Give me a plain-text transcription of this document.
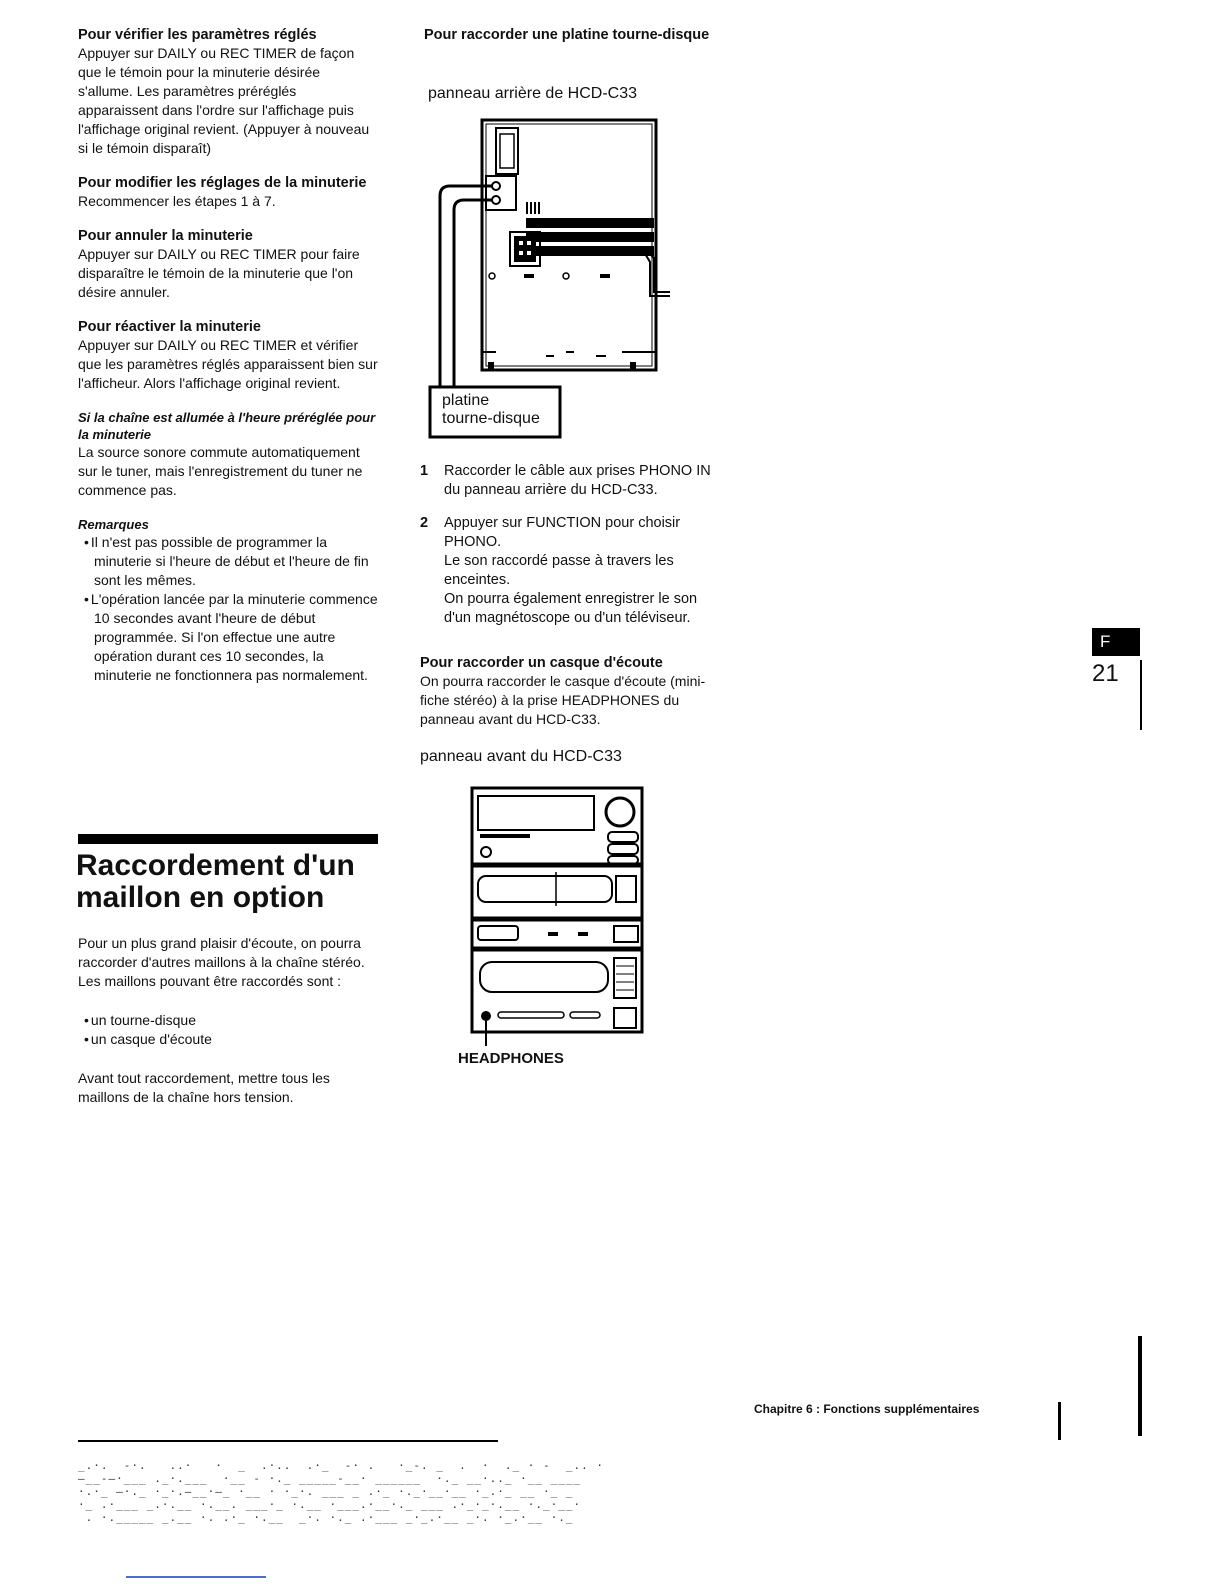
Pour vérifier les paramètres réglés

Appuyer sur DAILY ou REC TIMER de façon que le témoin pour la minuterie désirée s'allume. Les paramètres préréglés apparaissent dans l'ordre sur l'affichage puis l'affichage original revient. (Appuyer à nouveau si le témoin disparaît)

Pour modifier les réglages de la minuterie

Recommencer les étapes 1 à 7.

Pour annuler la minuterie

Appuyer sur DAILY ou REC TIMER pour faire disparaître le témoin de la minuterie que l'on désire annuler.

Pour réactiver la minuterie

Appuyer sur DAILY ou REC TIMER et vérifier que les paramètres réglés apparaissent bien sur l'afficheur. Alors l'affichage original revient.

Si la chaîne est allumée à l'heure préréglée pour la minuterie

La source sonore commute automatiquement sur le tuner, mais l'enregistrement du tuner ne commence pas.

Remarques

• Il n'est pas possible de programmer la minuterie si l'heure de début et l'heure de fin sont les mêmes.

• L'opération lancée par la minuterie commence 10 secondes avant l'heure de début programmée. Si l'on effectue une autre opération durant ces 10 secondes, la minuterie ne fonctionnera pas normalement.

Raccordement d'un

maillon en option

Pour un plus grand plaisir d'écoute, on pourra raccorder d'autres maillons à la chaîne stéréo. Les maillons pouvant être raccordés sont :

• un tourne-disque

• un casque d'écoute

Avant tout raccordement, mettre tous les maillons de la chaîne hors tension.

Pour raccorder une platine tourne-disque

panneau arrière de HCD-C33

platine

tourne-disque

1 Raccorder le câble aux prises PHONO IN du panneau arrière du HCD-C33.
2 Appuyer sur FUNCTION pour choisir PHONO.
Le son raccordé passe à travers les enceintes.
On pourra également enregistrer le son d'un magnétoscope ou d'un téléviseur.

Pour raccorder un casque d'écoute

On pourra raccorder le casque d'écoute (mini-fiche stéréo) à la prise HEADPHONES du panneau avant du HCD-C33.

panneau avant du HCD-C33

HEADPHONES
F
21
Chapitre 6 : Fonctions supplémentaires

_.·.  -·.   ..·   ·  _  .·..  .·_  -· .   ·_-. _  .  ·  ._ · -  _.. ·
—__-—·___ ._·.___  ·__ - ·._ _____-__· ______  ·._ __·.._ ·__ ____
·.·_ —·._ ·_·.—__·—_ ·__ · ·_·. ___ _ .·_ ·._·__·__ ·_.·_ __ ·_ _
·_ .·___ _.·.__ ·.__. ___·_ ·.__ ·___.·__·._ ___ .·_·_·.__ ·._·__·
. ·._____ _.__ ·. .·_ ·.__  _·. ·._ .·___ _·_.·__ _·. ·_.·__ ·._
